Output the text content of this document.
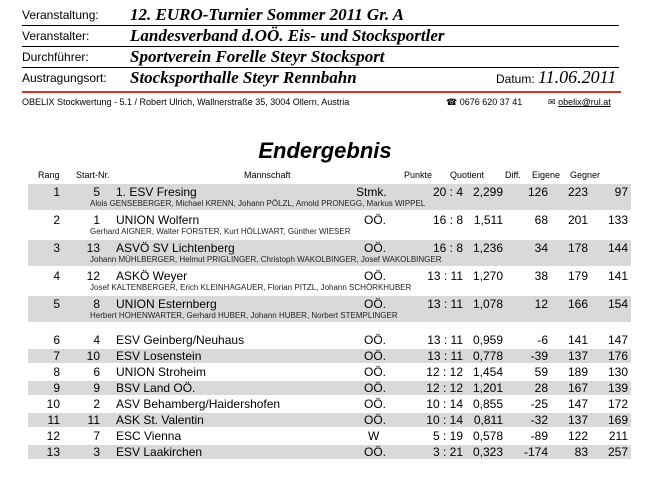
Veranstaltung: 12. EURO-Turnier Sommer 2011 Gr. A
Veranstalter: Landesverband d.OÖ. Eis- und Stocksportler
Durchführer: Sportverein Forelle Steyr Stocksport
Austragungsort: Stocksporthalle Steyr Rennbahn	Datum: 11.06.2011
OBELIX Stockwertung - 5.1 / Robert Ulrich, Wallnerstraße 35, 3004 Ollern, Austria	☎ 0676 620 37 41	✉ obelix@rul.at
Endergebnis
Rang Start-Nr.	Mannschaft	Punkte Quotient Diff. Eigene Gegner
1	5 1. ESV Fresing	Stmk.	20 : 4 2,299	126	223	97
Alois GENSEBERGER, Michael KRENN, Johann PÖLZL, Arnold PRONEGG, Markus WIPPEL
2	1 UNION Wolfern	OÖ.	16 : 8 1,511	68	201	133
Gerhard AIGNER, Walter FORSTER, Kurt HÖLLWART, Günther WIESER
3	13 ASVÖ SV Lichtenberg	OÖ.	16 : 8 1,236	34	178	144
Johann MÜHLBERGER, Helmut PRIGLINGER, Christoph WAKOLBINGER, Josef WAKOLBINGER
4	12 ASKÖ Weyer	OÖ.	13 : 11 1,270	38	179	141
Josef KALTENBERGER, Erich KLEINHAGAUER, Florian PITZL, Johann SCHÖRKHUBER
5	8 UNION Esternberg	OÖ.	13 : 11 1,078	12	166	154
Herbert HOHENWARTER, Gerhard HUBER, Johann HUBER, Norbert STEMPLINGER
6	4 ESV Geinberg/Neuhaus	OÖ.	13 : 11 0,959	-6	141	147
7	10 ESV Losenstein	OÖ.	13 : 11 0,778	-39	137	176
8	6 UNION Stroheim	OÖ.	12 : 12 1,454	59	189	130
9	9 BSV Land OÖ.	OÖ.	12 : 12 1,201	28	167	139
10	2 ASV Behamberg/Haidershofen	OÖ.	10 : 14 0,855	-25	147	172
11	11 ASK St. Valentin	OÖ.	10 : 14 0,811	-32	137	169
12	7 ESC Vienna	W	5 : 19 0,578	-89	122	211
13	3 ESV Laakirchen	OÖ.	3 : 21 0,323	-174	83	257
